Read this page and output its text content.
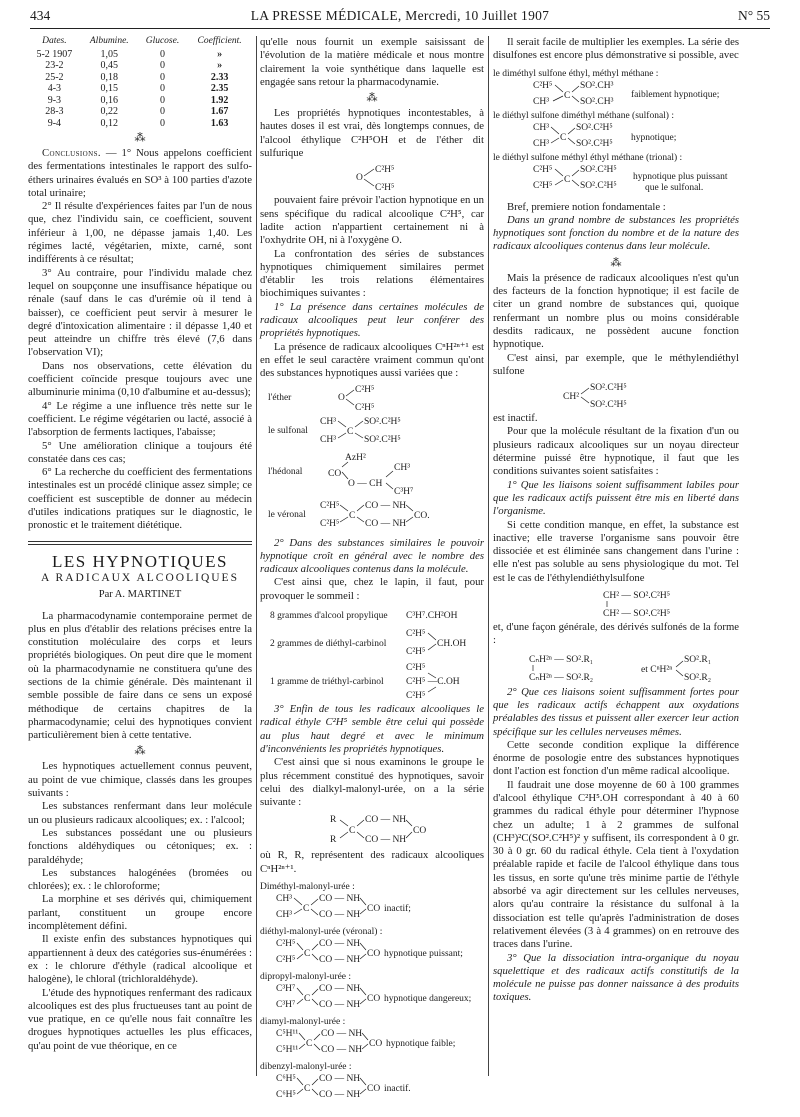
434	LA PRESSE MÉDICALE, Mercredi, 10 Juillet 1907	N° 55
Dates.	Albumine.	Glucose.	Coefficient.
5-2 1907	1,05	0	»
23-2	0,45	0	»
25-2	0,18	0	2.33
4-3	0,15	0	2.35
9-3	0,16	0	1.92
28-3	0,22	0	1.67
9-4	0,12	0	1.63
⁂

Conclusions. — 1° Nous appelons coefficient des fermentations intestinales le rapport des sulfo-éthers urinaires évalués en SO³ à 100 parties d'azote total urinaire;

2° Il résulte d'expériences faites par l'un de nous que, chez l'individu sain, ce coefficient, souvent inférieur à 1,00, ne dépasse jamais 1,40. Les régimes lacté, végétarien, mixte, carné, sont indifférents à ce résultat;

3° Au contraire, pour l'individu malade chez lequel on soupçonne une insuffisance hépatique ou rénale (sauf dans le cas d'urémie où il tend à baisser), ce coefficient peut servir à mesurer le degré d'intoxication alimentaire : il dépasse 1,40 et peut atteindre un chiffre très élevé (7,6 dans l'observation VI);

Dans nos observations, cette élévation du coefficient coïncide presque toujours avec une albuminurie minima (0,10 d'albumine et au-dessus);

4° Le régime a une influence très nette sur le coefficient. Le régime végétarien ou lacté, associé à l'absorption de ferments lactiques, l'abaisse;

5° Une amélioration clinique a toujours été constatée dans ces cas;

6° La recherche du coefficient des fermentations intestinales est un procédé clinique assez simple; ce coefficient est susceptible de donner au médecin d'utiles indications pratiques sur le diagnostic, le pronostic et le traitement diététique.

LES HYPNOTIQUES
A RADICAUX ALCOOLIQUES
Par A. MARTINET

La pharmacodynamie contemporaine permet de plus en plus d'établir des relations précises entre la constitution moléculaire des corps et leurs propriétés biologiques. On peut dire que le moment où la pharmacodynamie ne constituera qu'une des sections de la chimie générale. Dès maintenant il semble possible de faire dans ce sens un exposé méthodique de certains chapitres de la pharmacodynamie; celui des hypnotiques convient particulièrement bien à cette tentative.

⁂

Les hypnotiques actuellement connus peuvent, au point de vue chimique, classés dans les groupes suivants :

Les substances renfermant dans leur molécule un ou plusieurs radicaux alcooliques; ex. : l'alcool;

Les substances possédant une ou plusieurs fonctions aldéhydiques ou cétoniques; ex. : paraldéhyde;

Les substances halogénées (bromées ou chlorées); ex. : le chloroforme;

La morphine et ses dérivés qui, chimiquement parlant, constituent un groupe encore incomplètement défini.

Il existe enfin des substances hypnotiques qui appartiennent à deux des catégories sus-énumérées : ex : le chlorure d'éthyle (radical alcoolique et halogène), le chloral (trichloraldéhyde).

L'étude des hypnotiques renfermant des radicaux alcooliques est des plus fructueuses tant au point de vue pratique, en ce qu'elle nous fait connaître les drogues hypnotiques actuelles les plus efficaces, qu'au point de vue théorique, en ce

qu'elle nous fournit un exemple saisissant de l'évolution de la matière médicale et nous montre clairement la voie synthétique dans laquelle est engagée sans retour la pharmacodynamie.

⁂

Les propriétés hypnotiques incontestables, à hautes doses il est vrai, dès longtemps connues, de l'alcool éthylique C²H⁵OH et de l'éther dit sulfurique

O
C²H⁵
C²H⁵

pouvaient faire prévoir l'action hypnotique en un sens spécifique du radical alcoolique C²H⁵, car ladite action n'appartient certainement ni à l'oxhydrite OH, ni à l'oxygène O.

La confrontation des séries de substances hypnotiques chimiquement similaires permet d'établir les trois relations élémentaires biochimiques suivantes :

1° La présence dans certaines molécules de radicaux alcooliques peut leur conférer des propriétés hypnotiques.

La présence de radicaux alcooliques CⁿH²ⁿ⁺¹ est en effet le seul caractère vraiment commun qu'ont des substances hypnotiques aussi variées que :

l'éther	O
C²H⁵
C²H⁵
le sulfonal
CH³
CH³
C
SO².C²H⁵
SO².C²H⁵
l'hédonal
AzH²
CO
O — CH
CH³
C³H⁷
le véronal
C²H⁵
C²H⁵
C
CO — NH
CO — NH
CO.

2° Dans des substances similaires le pouvoir hypnotique croît en général avec le nombre des radicaux alcooliques contenus dans la molécule.

C'est ainsi que, chez le lapin, il faut, pour provoquer le sommeil :

8 grammes d'alcool propylique C³H⁷.CH²OH
2 grammes de diéthyl-carbinol
C²H⁵
C²H⁵
CH.OH
1 gramme de triéthyl-carbinol
C²H⁵
C²H⁵ —C.OH
C²H⁵

3° Enfin de tous les radicaux alcooliques le radical éthyle C²H⁵ semble être celui qui possède au plus haut degré et avec le minimum d'inconvénients les propriétés hypnotiques.

C'est ainsi que si nous examinons le groupe le plus récemment constitué des hypnotiques, savoir celui des dialkyl-malonyl-urée, on a la série suivante :

R
R
C
CO — NH
CO — NH
CO

où R, R, représentent des radicaux alcooliques CⁿH²ⁿ⁺¹.

Diméthyl-malonyl-urée :
CH³
CH³
C
CO — NH
CO — NH
CO inactif;
diéthyl-malonyl-urée (véronal) :
C²H⁵
C²H⁵
C
CO — NH
CO — NH
CO hypnotique puissant;
dipropyl-malonyl-urée :
C³H⁷
C³H⁷
C
CO — NH
CO — NH
CO hypnotique dangereux;
diamyl-malonyl-urée :
C⁵H¹¹
C⁵H¹¹
C
CO — NH
CO — NH
CO hypnotique faible;
dibenzyl-malonyl-urée :
C⁶H⁵
C⁶H⁵
C
CO — NH
CO — NH
CO inactif.

Il serait facile de multiplier les exemples. La série des disulfones est encore plus démonstrative si possible, avec

le diméthyl sulfone éthyl, méthyl méthane :
C²H⁵
CH³
C
SO².CH³
SO².CH³
faiblement hypnotique;
le diéthyl sulfone diméthyl méthane (sulfonal) :
CH³
CH³
C
SO².C²H⁵
SO².C²H⁵
hypnotique;
le diéthyl sulfone méthyl éthyl méthane (trional) :
C²H⁵
C²H⁵
C
SO².C²H⁵
SO².C²H⁵
hypnotique plus puissant
que le sulfonal.

Bref, premiere notion fondamentale :

Dans un grand nombre de substances les propriétés hypnotiques sont fonction du nombre et de la nature des radicaux alcooliques contenus dans leur molécule.

⁂

Mais la présence de radicaux alcooliques n'est qu'un des facteurs de la fonction hypnotique; il est facile de citer un grand nombre de substances qui, quoique renfermant un nombre plus ou moins considérable desdits radicaux, ne possèdent aucune fonction hypnotique.

C'est ainsi, par exemple, que le méthylendiéthyl sulfone

CH²
SO².C²H⁵
SO².C²H⁵

est inactif.

Pour que la molécule résultant de la fixation d'un ou plusieurs radicaux alcooliques sur un noyau directeur détermine puissé être hypnotique, il faut que les conditions suivantes soient satisfaites :

1° Que les liaisons soient suffisamment labiles pour que les radicaux actifs puissent être mis en liberté dans l'organisme.

Si cette condition manque, en effet, la substance est inactive; elle traverse l'organisme sans pouvoir être dissociée et est éliminée sans changement dans l'urine : elle n'est pas soluble au sens physiologique du mot. Tel est le cas de l'éthylendiéthylsulfone

CH² — SO².C²H⁵
CH² — SO².C²H⁵

et, d'une façon générale, des dérivés sulfonés de la forme :

CₙH²ⁿ — SO².R₁
CₙH²ⁿ — SO².R₂
et CⁿH²ⁿ
SO².R₁
SO².R₂

2° Que ces liaisons soient suffisamment fortes pour que les radicaux actifs échappent aux oxydations préalables des tissus et puissent aller exercer leur action spécifique sur les cellules nerveuses mêmes.

Cette seconde condition explique la différence énorme de posologie entre des substances hypnotiques dont l'action est fonction d'un même radical alcoolique.

Il faudrait une dose moyenne de 60 à 100 grammes d'alcool éthylique C²H⁵.OH correspondant à 40 à 60 grammes du radical éthyle pour déterminer l'hypnose chez un adulte; 1 à 2 grammes de sulfonal (CH³)²C(SO².C²H⁵)² y suffisent, ils correspondent à 0 gr. 30 à 0 gr. 60 du radical éthyle. Cela tient à l'oxydation préalable rapide et facile de l'alcool éthylique dans tous les tissus, en sorte qu'une très minime partie de l'éthyle absorbé va agir directement sur les cellules nerveuses, alors qu'au contraire la résistance du sulfonal à la dissociation est telle qu'après l'administration de doses relativement élevées (3 à 4 grammes) on en retrouve des traces dans l'urine.

3° Que la dissociation intra-organique du noyau squelettique et des radicaux actifs constitutifs de la molécule ne puisse pas donner naissance à des produits toxiques.
